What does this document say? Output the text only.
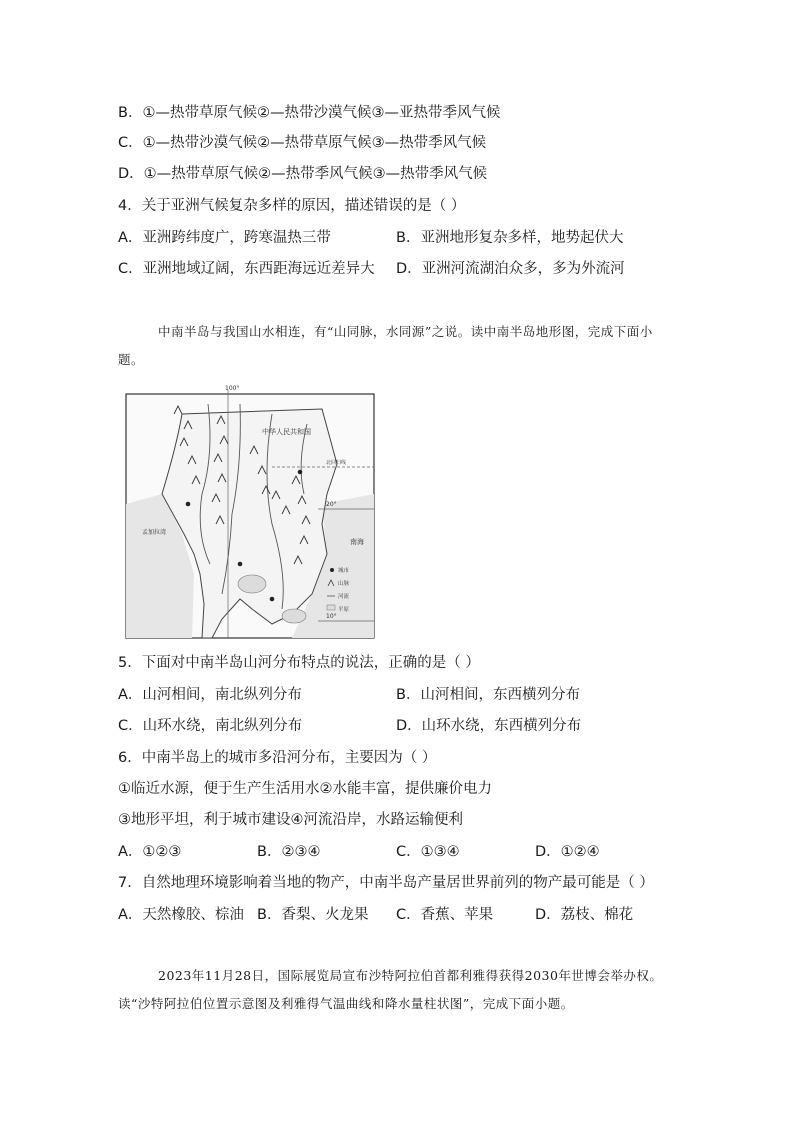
B．①—热带草原气候②—热带沙漠气候③—亚热带季风气候
C．①—热带沙漠气候②—热带草原气候③—热带季风气候
D．①—热带草原气候②—热带季风气候③—热带季风气候
4．关于亚洲气候复杂多样的原因，描述错误的是（ ）
A．亚洲跨纬度广，跨寒温热三带	B．亚洲地形复杂多样，地势起伏大
C．亚洲地域辽阔，东西距海远近差异大 D．亚洲河流湖泊众多，多为外流河
中南半岛与我国山水相连，有“山同脉，水同源”之说。读中南半岛地形图，完成下面小题。
100°
20°
10°
中华人民共和国
北回归线
孟加拉湾
南海
城市
山脉
河流
平原
5．下面对中南半岛山河分布特点的说法，正确的是（ ）
A．山河相间，南北纵列分布	B．山河相间，东西横列分布
C．山环水绕，南北纵列分布	D．山环水绕，东西横列分布
6．中南半岛上的城市多沿河分布，主要因为（ ）
①临近水源，便于生产生活用水②水能丰富，提供廉价电力
③地形平坦，利于城市建设④河流沿岸，水路运输便利
A．①②③	B．②③④	C．①③④	D．①②④
7．自然地理环境影响着当地的物产，中南半岛产量居世界前列的物产最可能是（ ）
A．天然橡胶、棕油 B．香梨、火龙果 C．香蕉、苹果	D．荔枝、棉花
2023年11月28日，国际展览局宣布沙特阿拉伯首都利雅得获得2030年世博会举办权。读“沙特阿拉伯位置示意图及利雅得气温曲线和降水量柱状图”，完成下面小题。
